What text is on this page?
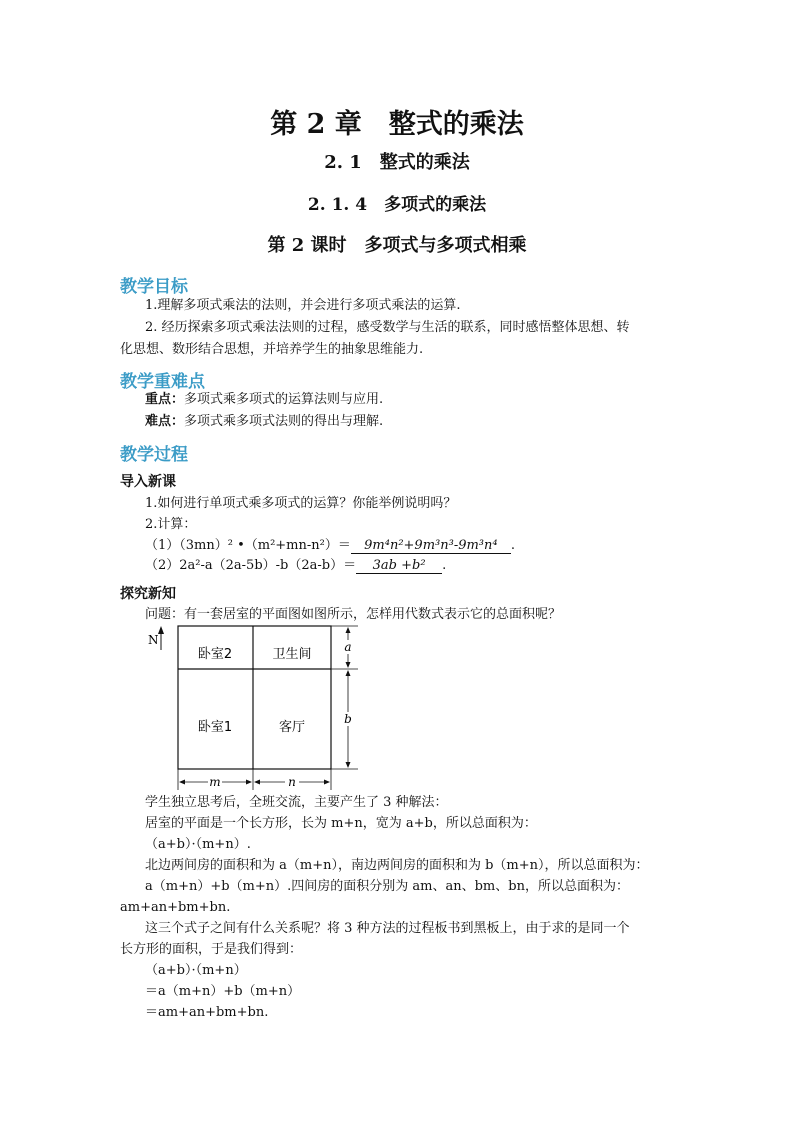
第 2 章　整式的乘法
2. 1　整式的乘法
2. 1. 4　多项式的乘法
第 2 课时　多项式与多项式相乘
教学目标
1.理解多项式乘法的法则，并会进行多项式乘法的运算.
2. 经历探索多项式乘法法则的过程，感受数学与生活的联系，同时感悟整体思想、转
化思想、数形结合思想，并培养学生的抽象思维能力.
教学重难点
重点：多项式乘多项式的运算法则与应用.
难点：多项式乘多项式法则的得出与理解.
教学过程
导入新课
1.如何进行单项式乘多项式的运算？你能举例说明吗？
2.计算：
（1）（3mn）² •（m²+mn-n²）＝ 9m⁴n²+9m³n³-9m³n⁴ .
（2）2a²-a（2a-5b）-b（2a-b）＝ 3ab +b² .
探究新知
问题：有一套居室的平面图如图所示，怎样用代数式表示它的总面积呢？
N
卧室2	卫生间
卧室1	客厅
a
b
m	n
学生独立思考后，全班交流，主要产生了 3 种解法：
居室的平面是一个长方形，长为 m+n，宽为 a+b，所以总面积为：
（a+b）·（m+n）.
北边两间房的面积和为 a（m+n），南边两间房的面积和为 b（m+n），所以总面积为：
a（m+n）+b（m+n）.四间房的面积分别为 am、an、bm、bn，所以总面积为：
am+an+bm+bn.
这三个式子之间有什么关系呢？将 3 种方法的过程板书到黑板上，由于求的是同一个
长方形的面积，于是我们得到：
（a+b）·（m+n）
＝a（m+n）+b（m+n）
＝am+an+bm+bn.
